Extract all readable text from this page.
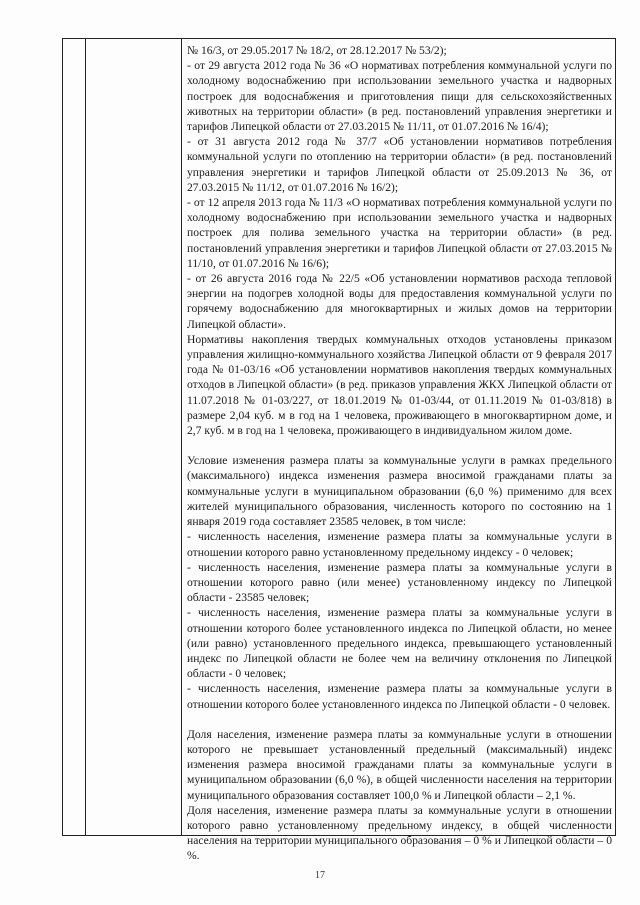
№ 16/3, от 29.05.2017 № 18/2, от 28.12.2017 № 53/2);

- от 29 августа 2012 года № 36 «О нормативах потребления коммунальной услуги по холодному водоснабжению при использовании земельного участка и надворных построек для водоснабжения и приготовления пищи для сельскохозяйственных животных на территории области» (в ред. постановлений управления энергетики и тарифов Липецкой области от 27.03.2015 № 11/11, от 01.07.2016 № 16/4);

- от 31 августа 2012 года № 37/7 «Об установлении нормативов потребления коммунальной услуги по отоплению на территории области» (в ред. постановлений управления энергетики и тарифов Липецкой области от 25.09.2013 № 36, от 27.03.2015 № 11/12, от 01.07.2016 № 16/2);

- от 12 апреля 2013 года № 11/3 «О нормативах потребления коммунальной услуги по холодному водоснабжению при использовании земельного участка и надворных построек для полива земельного участка на территории области» (в ред. постановлений управления энергетики и тарифов Липецкой области от 27.03.2015 № 11/10, от 01.07.2016 № 16/6);

- от 26 августа 2016 года № 22/5 «Об установлении нормативов расхода тепловой энергии на подогрев холодной воды для предоставления коммунальной услуги по горячему водоснабжению для многоквартирных и жилых домов на территории Липецкой области».

Нормативы накопления твердых коммунальных отходов установлены приказом управления жилищно-коммунального хозяйства Липецкой области от 9 февраля 2017 года № 01-03/16 «Об установлении нормативов накопления твердых коммунальных отходов в Липецкой области» (в ред. приказов управления ЖКХ Липецкой области от 11.07.2018 № 01-03/227, от 18.01.2019 № 01-03/44, от 01.11.2019 № 01-03/818) в размере 2,04 куб. м в год на 1 человека, проживающего в многоквартирном доме, и 2,7 куб. м в год на 1 человека, проживающего в индивидуальном жилом доме.

Условие изменения размера платы за коммунальные услуги в рамках предельного (максимального) индекса изменения размера вносимой гражданами платы за коммунальные услуги в муниципальном образовании (6,0 %) применимо для всех жителей муниципального образования, численность которого по состоянию на 1 января 2019 года составляет 23585 человек, в том числе:

- численность населения, изменение размера платы за коммунальные услуги в отношении которого равно установленному предельному индексу - 0 человек;

- численность населения, изменение размера платы за коммунальные услуги в отношении которого равно (или менее) установленному индексу по Липецкой области - 23585 человек;

- численность населения, изменение размера платы за коммунальные услуги в отношении которого более установленного индекса по Липецкой области, но менее (или равно) установленного предельного индекса, превышающего установленный индекс по Липецкой области не более чем на величину отклонения по Липецкой области - 0 человек;

- численность населения, изменение размера платы за коммунальные услуги в отношении которого более установленного индекса по Липецкой области - 0 человек.

Доля населения, изменение размера платы за коммунальные услуги в отношении которого не превышает установленный предельный (максимальный) индекс изменения размера вносимой гражданами платы за коммунальные услуги в муниципальном образовании (6,0 %), в общей численности населения на территории муниципального образования составляет 100,0 % и Липецкой области – 2,1 %.

Доля населения, изменение размера платы за коммунальные услуги в отношении которого равно установленному предельному индексу, в общей численности населения на территории муниципального образования – 0 % и Липецкой области – 0 %.

17
